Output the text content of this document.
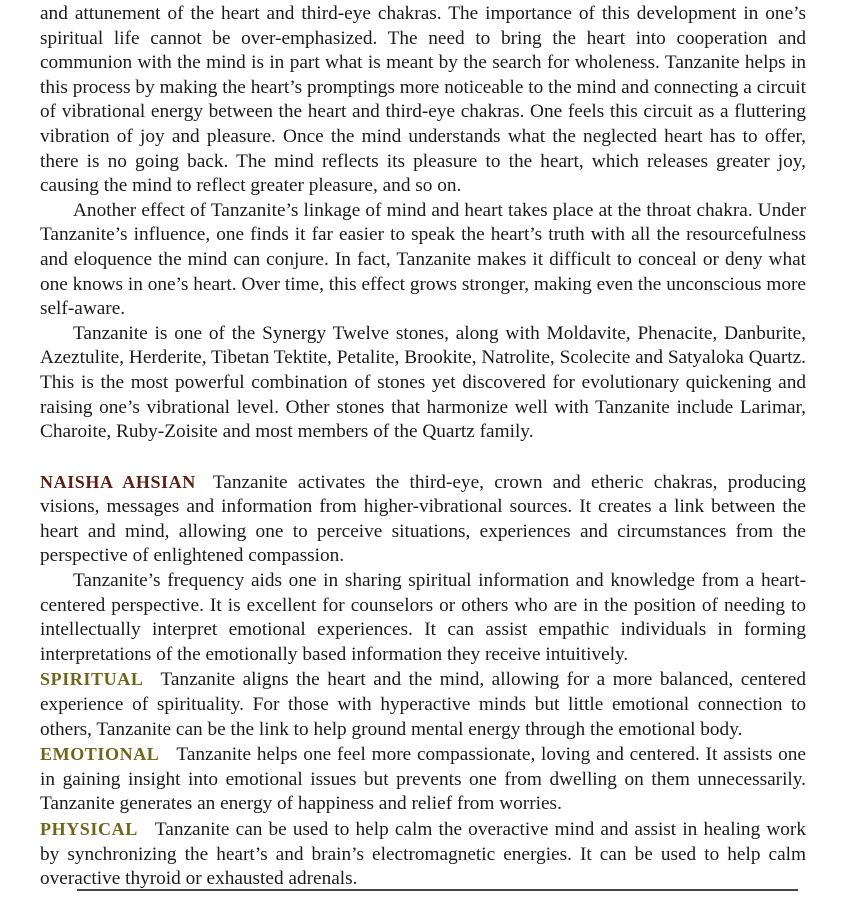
and attunement of the heart and third-eye chakras. The importance of this development in one’s spiritual life cannot be over-emphasized. The need to bring the heart into cooperation and communion with the mind is in part what is meant by the search for wholeness. Tanzanite helps in this process by making the heart’s promptings more noticeable to the mind and connecting a circuit of vibrational energy between the heart and third-eye chakras. One feels this circuit as a fluttering vibration of joy and pleasure. Once the mind understands what the neglected heart has to offer, there is no going back. The mind reflects its pleasure to the heart, which releases greater joy, causing the mind to reflect greater pleasure, and so on.

Another effect of Tanzanite’s linkage of mind and heart takes place at the throat chakra. Under Tanzanite’s influence, one finds it far easier to speak the heart’s truth with all the resourcefulness and eloquence the mind can conjure. In fact, Tanzanite makes it difficult to conceal or deny what one knows in one’s heart. Over time, this effect grows stronger, making even the unconscious more self-aware.

Tanzanite is one of the Synergy Twelve stones, along with Moldavite, Phenacite, Danburite, Azeztulite, Herderite, Tibetan Tektite, Petalite, Brookite, Natrolite, Scolecite and Satyaloka Quartz. This is the most powerful combination of stones yet discovered for evolutionary quickening and raising one’s vibrational level. Other stones that harmonize well with Tanzanite include Larimar, Charoite, Ruby-Zoisite and most members of the Quartz family.

NAISHA AHSIAN Tanzanite activates the third-eye, crown and etheric chakras, producing visions, messages and information from higher-vibrational sources. It creates a link between the heart and mind, allowing one to perceive situations, experiences and circumstances from the perspective of enlightened compassion.

Tanzanite’s frequency aids one in sharing spiritual information and knowledge from a heart-centered perspective. It is excellent for counselors or others who are in the position of needing to intellectually interpret emotional experiences. It can assist empathic individuals in forming interpretations of the emotionally based information they receive intuitively.

SPIRITUAL Tanzanite aligns the heart and the mind, allowing for a more balanced, centered experience of spirituality. For those with hyperactive minds but little emotional connection to others, Tanzanite can be the link to help ground mental energy through the emotional body.

EMOTIONAL Tanzanite helps one feel more compassionate, loving and centered. It assists one in gaining insight into emotional issues but prevents one from dwelling on them unnecessarily. Tanzanite generates an energy of happiness and relief from worries.

PHYSICAL Tanzanite can be used to help calm the overactive mind and assist in healing work by synchronizing the heart’s and brain’s electromagnetic energies. It can be used to help calm overactive thyroid or exhausted adrenals.
